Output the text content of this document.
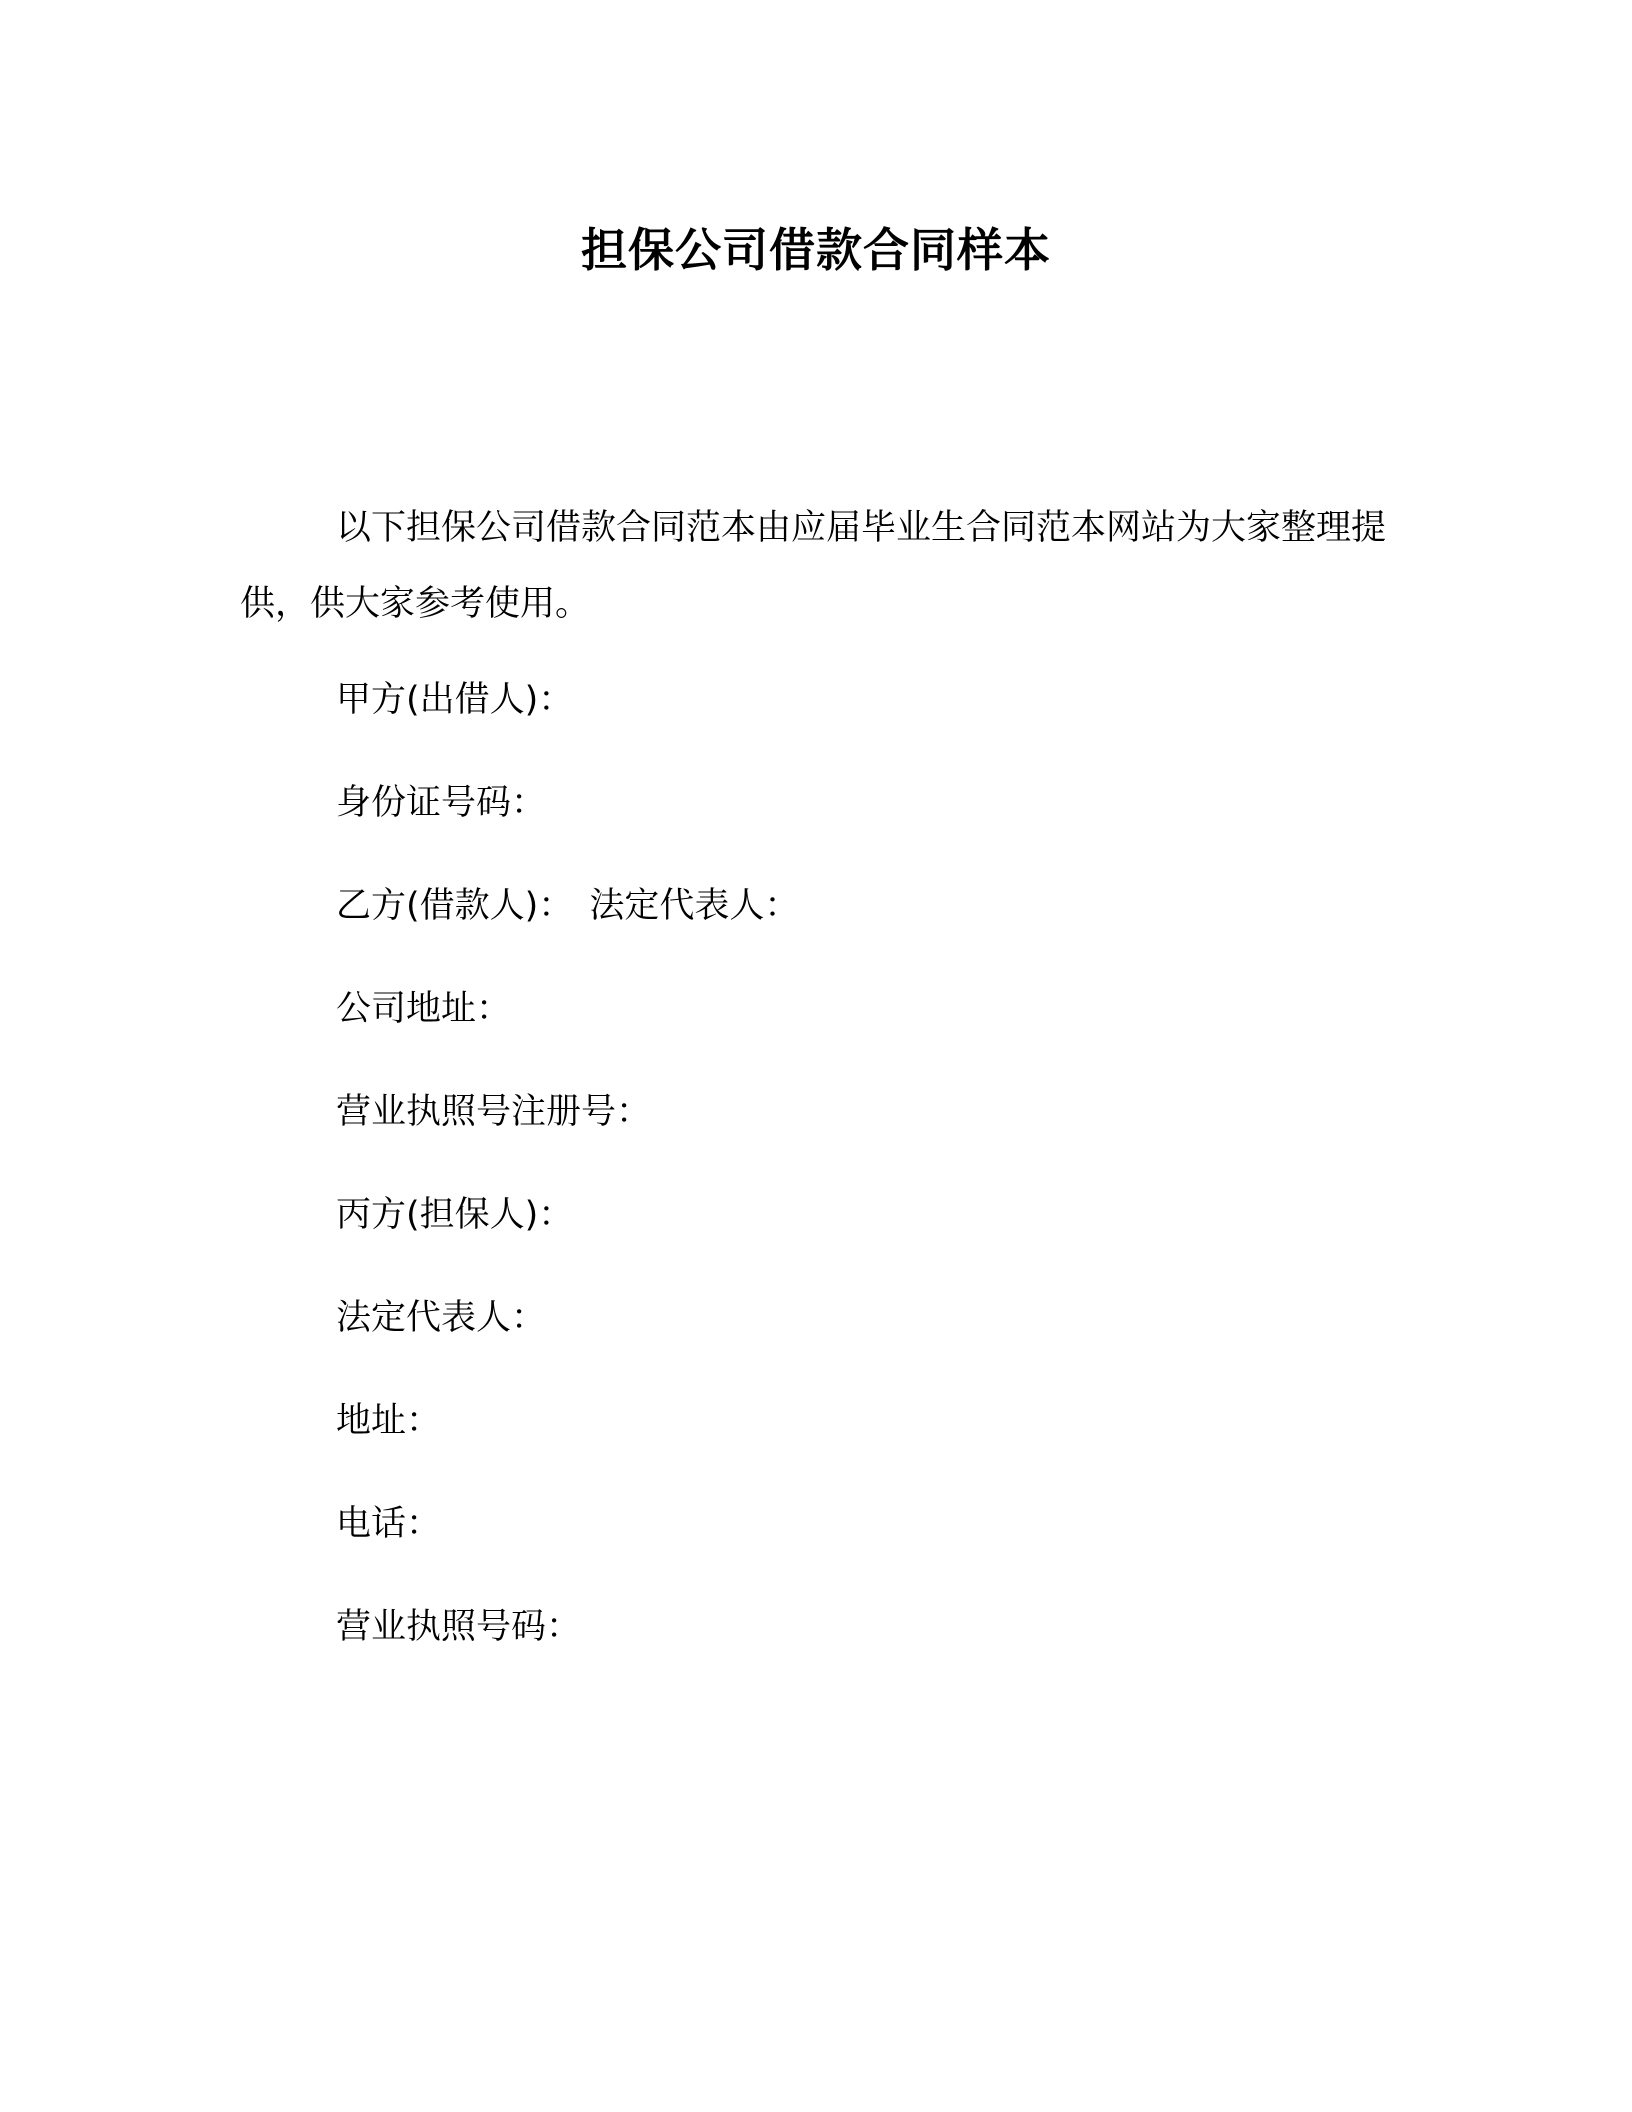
担保公司借款合同样本

以下担保公司借款合同范本由应届毕业生合同范本网站为大家整理提供，供大家参考使用。

甲方(出借人)：

身份证号码：

乙方(借款人)： 法定代表人：

公司地址：

营业执照号注册号：

丙方(担保人)：

法定代表人：

地址：

电话：

营业执照号码：
